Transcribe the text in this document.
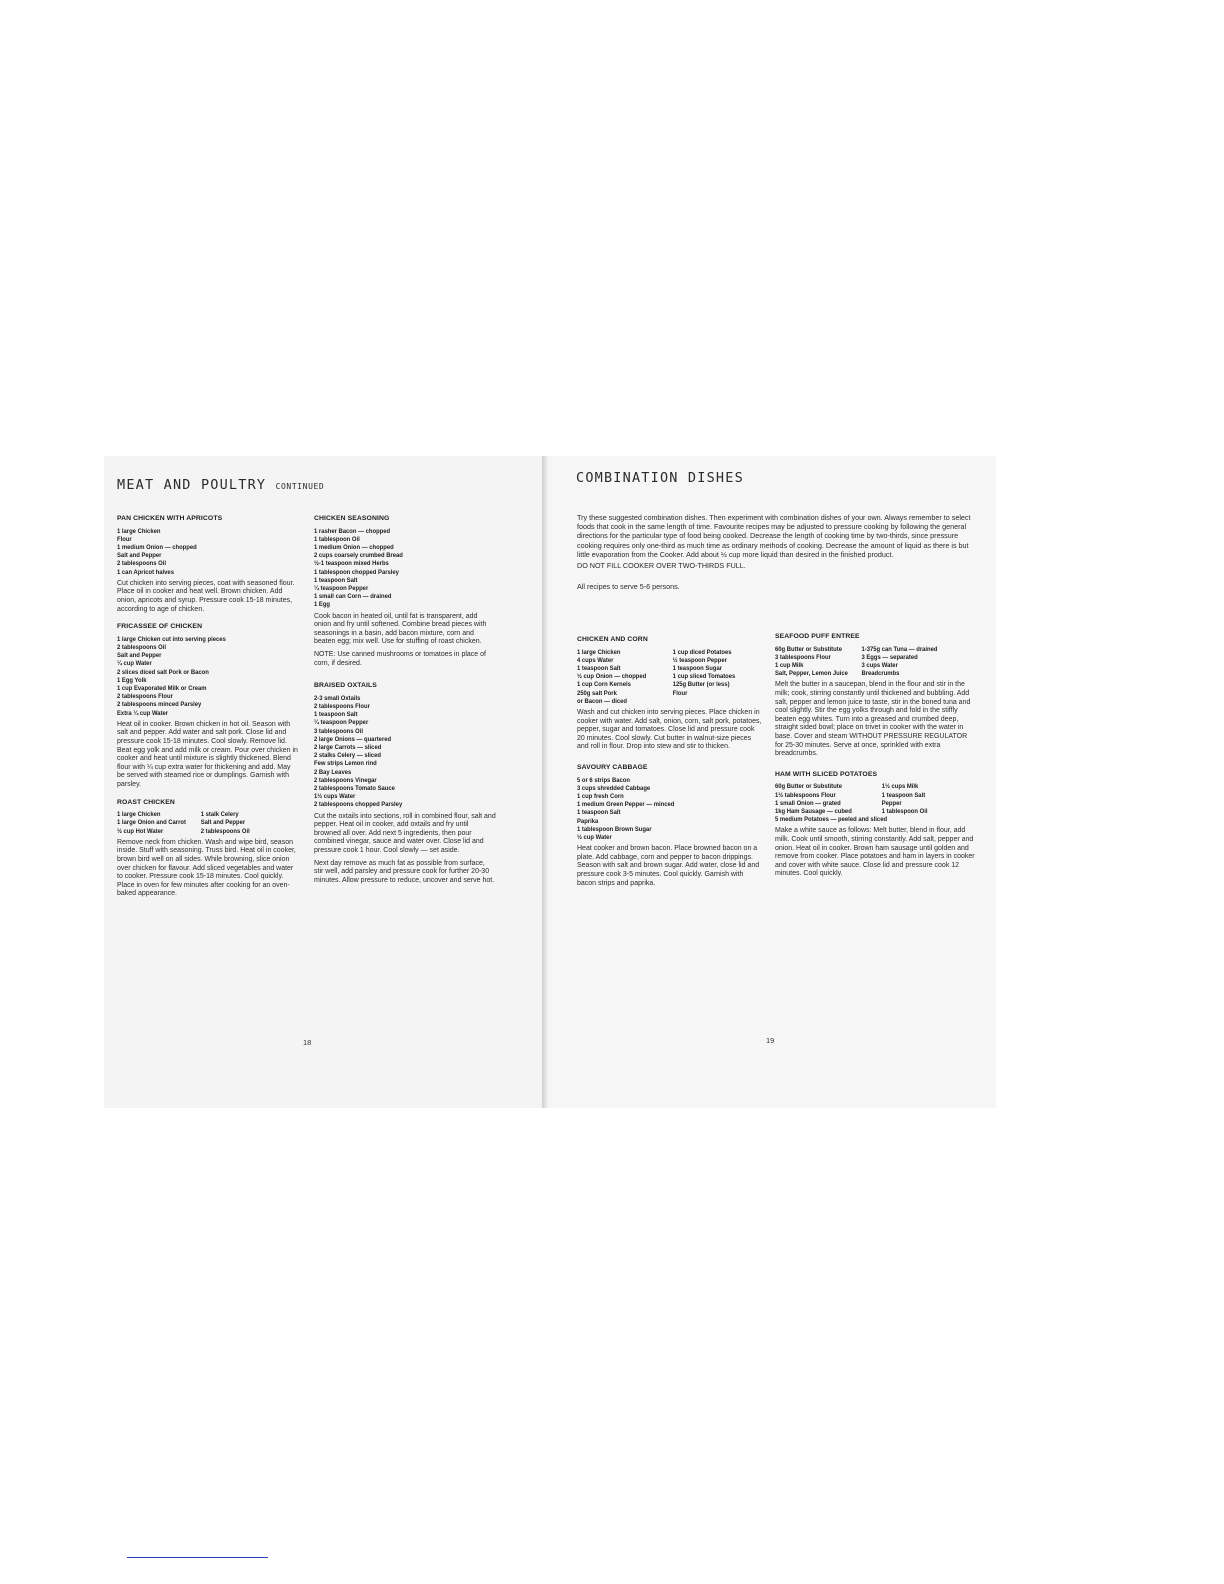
MEAT AND POULTRY CONTINUED
PAN CHICKEN WITH APRICOTS
1 large Chicken
Flour
1 medium Onion — chopped
Salt and Pepper
2 tablespoons Oil
1 can Apricot halves
Cut chicken into serving pieces, coat with seasoned flour. Place oil in cooker and heat well. Brown chicken. Add onion, apricots and syrup. Pressure cook 15-18 minutes, according to age of chicken.
FRICASSEE OF CHICKEN
1 large Chicken cut into serving pieces
2 tablespoons Oil
Salt and Pepper
¼ cup Water
2 slices diced salt Pork or Bacon
1 Egg Yolk
1 cup Evaporated Milk or Cream
2 tablespoons Flour
2 tablespoons minced Parsley
Extra ¼ cup Water
Heat oil in cooker. Brown chicken in hot oil. Season with salt and pepper. Add water and salt pork. Close lid and pressure cook 15-18 minutes. Cool slowly. Remove lid. Beat egg yolk and add milk or cream. Pour over chicken in cooker and heat until mixture is slightly thickened. Blend flour with ¼ cup extra water for thickening and add. May be served with steamed rice or dumplings. Garnish with parsley.
ROAST CHICKEN
1 large Chicken	1 stalk Celery
1 large Onion and Carrot	Salt and Pepper
½ cup Hot Water	2 tablespoons Oil
Remove neck from chicken. Wash and wipe bird, season inside. Stuff with seasoning. Truss bird. Heat oil in cooker, brown bird well on all sides. While browning, slice onion over chicken for flavour. Add sliced vegetables and water to cooker. Pressure cook 15-18 minutes. Cool quickly. Place in oven for few minutes after cooking for an oven-baked appearance.
CHICKEN SEASONING
1 rasher Bacon — chopped
1 tablespoon Oil
1 medium Onion — chopped
2 cups coarsely crumbed Bread
½-1 teaspoon mixed Herbs
1 tablespoon chopped Parsley
1 teaspoon Salt
¼ teaspoon Pepper
1 small can Corn — drained
1 Egg
Cook bacon in heated oil, until fat is transparent, add onion and fry until softened. Combine bread pieces with seasonings in a basin, add bacon mixture, corn and beaten egg; mix well. Use for stuffing of roast chicken.
NOTE: Use canned mushrooms or tomatoes in place of corn, if desired.
BRAISED OXTAILS
2-3 small Oxtails
2 tablespoons Flour
1 teaspoon Salt
¼ teaspoon Pepper
3 tablespoons Oil
2 large Onions — quartered
2 large Carrots — sliced
2 stalks Celery — sliced
Few strips Lemon rind
2 Bay Leaves
2 tablespoons Vinegar
2 tablespoons Tomato Sauce
1½ cups Water
2 tablespoons chopped Parsley
Cut the oxtails into sections, roll in combined flour, salt and pepper. Heat oil in cooker, add oxtails and fry until browned all over. Add next 5 ingredients, then pour combined vinegar, sauce and water over. Close lid and pressure cook 1 hour. Cool slowly — set aside.
Next day remove as much fat as possible from surface, stir well, add parsley and pressure cook for further 20-30 minutes. Allow pressure to reduce, uncover and serve hot.
18
COMBINATION DISHES
Try these suggested combination dishes. Then experiment with combination dishes of your own. Always remember to select foods that cook in the same length of time. Favourite recipes may be adjusted to pressure cooking by following the general directions for the particular type of food being cooked. Decrease the length of cooking time by two-thirds, since pressure cooking requires only one-third as much time as ordinary methods of cooking. Decrease the amount of liquid as there is but little evaporation from the Cooker. Add about ½ cup more liquid than desired in the finished product.
DO NOT FILL COOKER OVER TWO-THIRDS FULL.
All recipes to serve 5-6 persons.
CHICKEN AND CORN
1 large Chicken	1 cup diced Potatoes
4 cups Water	½ teaspoon Pepper
1 teaspoon Salt	1 teaspoon Sugar
½ cup Onion — chopped	1 cup sliced Tomatoes
1 cup Corn Kernels	125g Butter (or less)
250g salt Pork	Flour
or Bacon — diced
Wash and cut chicken into serving pieces. Place chicken in cooker with water. Add salt, onion, corn, salt pork, potatoes, pepper, sugar and tomatoes. Close lid and pressure cook 20 minutes. Cool slowly. Cut butter in walnut-size pieces and roll in flour. Drop into stew and stir to thicken.
SAVOURY CABBAGE
5 or 6 strips Bacon
3 cups shredded Cabbage
1 cup fresh Corn
1 medium Green Pepper — minced
1 teaspoon Salt
Paprika
1 tablespoon Brown Sugar
½ cup Water
Heat cooker and brown bacon. Place browned bacon on a plate. Add cabbage, corn and pepper to bacon drippings. Season with salt and brown sugar. Add water, close lid and pressure cook 3-5 minutes. Cool quickly. Garnish with bacon strips and paprika.
SEAFOOD PUFF ENTREE
60g Butter or Substitute	1-375g can Tuna — drained
3 tablespoons Flour	3 Eggs — separated
1 cup Milk	3 cups Water
Salt, Pepper, Lemon Juice	Breadcrumbs
Melt the butter in a saucepan, blend in the flour and stir in the milk; cook, stirring constantly until thickened and bubbling. Add salt, pepper and lemon juice to taste, stir in the boned tuna and cool slightly. Stir the egg yolks through and fold in the stiffly beaten egg whites. Turn into a greased and crumbed deep, straight sided bowl; place on trivet in cooker with the water in base. Cover and steam WITHOUT PRESSURE REGULATOR for 25-30 minutes. Serve at once, sprinkled with extra breadcrumbs.
HAM WITH SLICED POTATOES
60g Butter or Substitute	1½ cups Milk
1½ tablespoons Flour	1 teaspoon Salt
1 small Onion — grated	Pepper
1kg Ham Sausage — cubed	1 tablespoon Oil
5 medium Potatoes — peeled and sliced
Make a white sauce as follows: Melt butter, blend in flour, add milk. Cook until smooth, stirring constantly. Add salt, pepper and onion. Heat oil in cooker. Brown ham sausage until golden and remove from cooker. Place potatoes and ham in layers in cooker and cover with white sauce. Close lid and pressure cook 12 minutes. Cool quickly.
19
